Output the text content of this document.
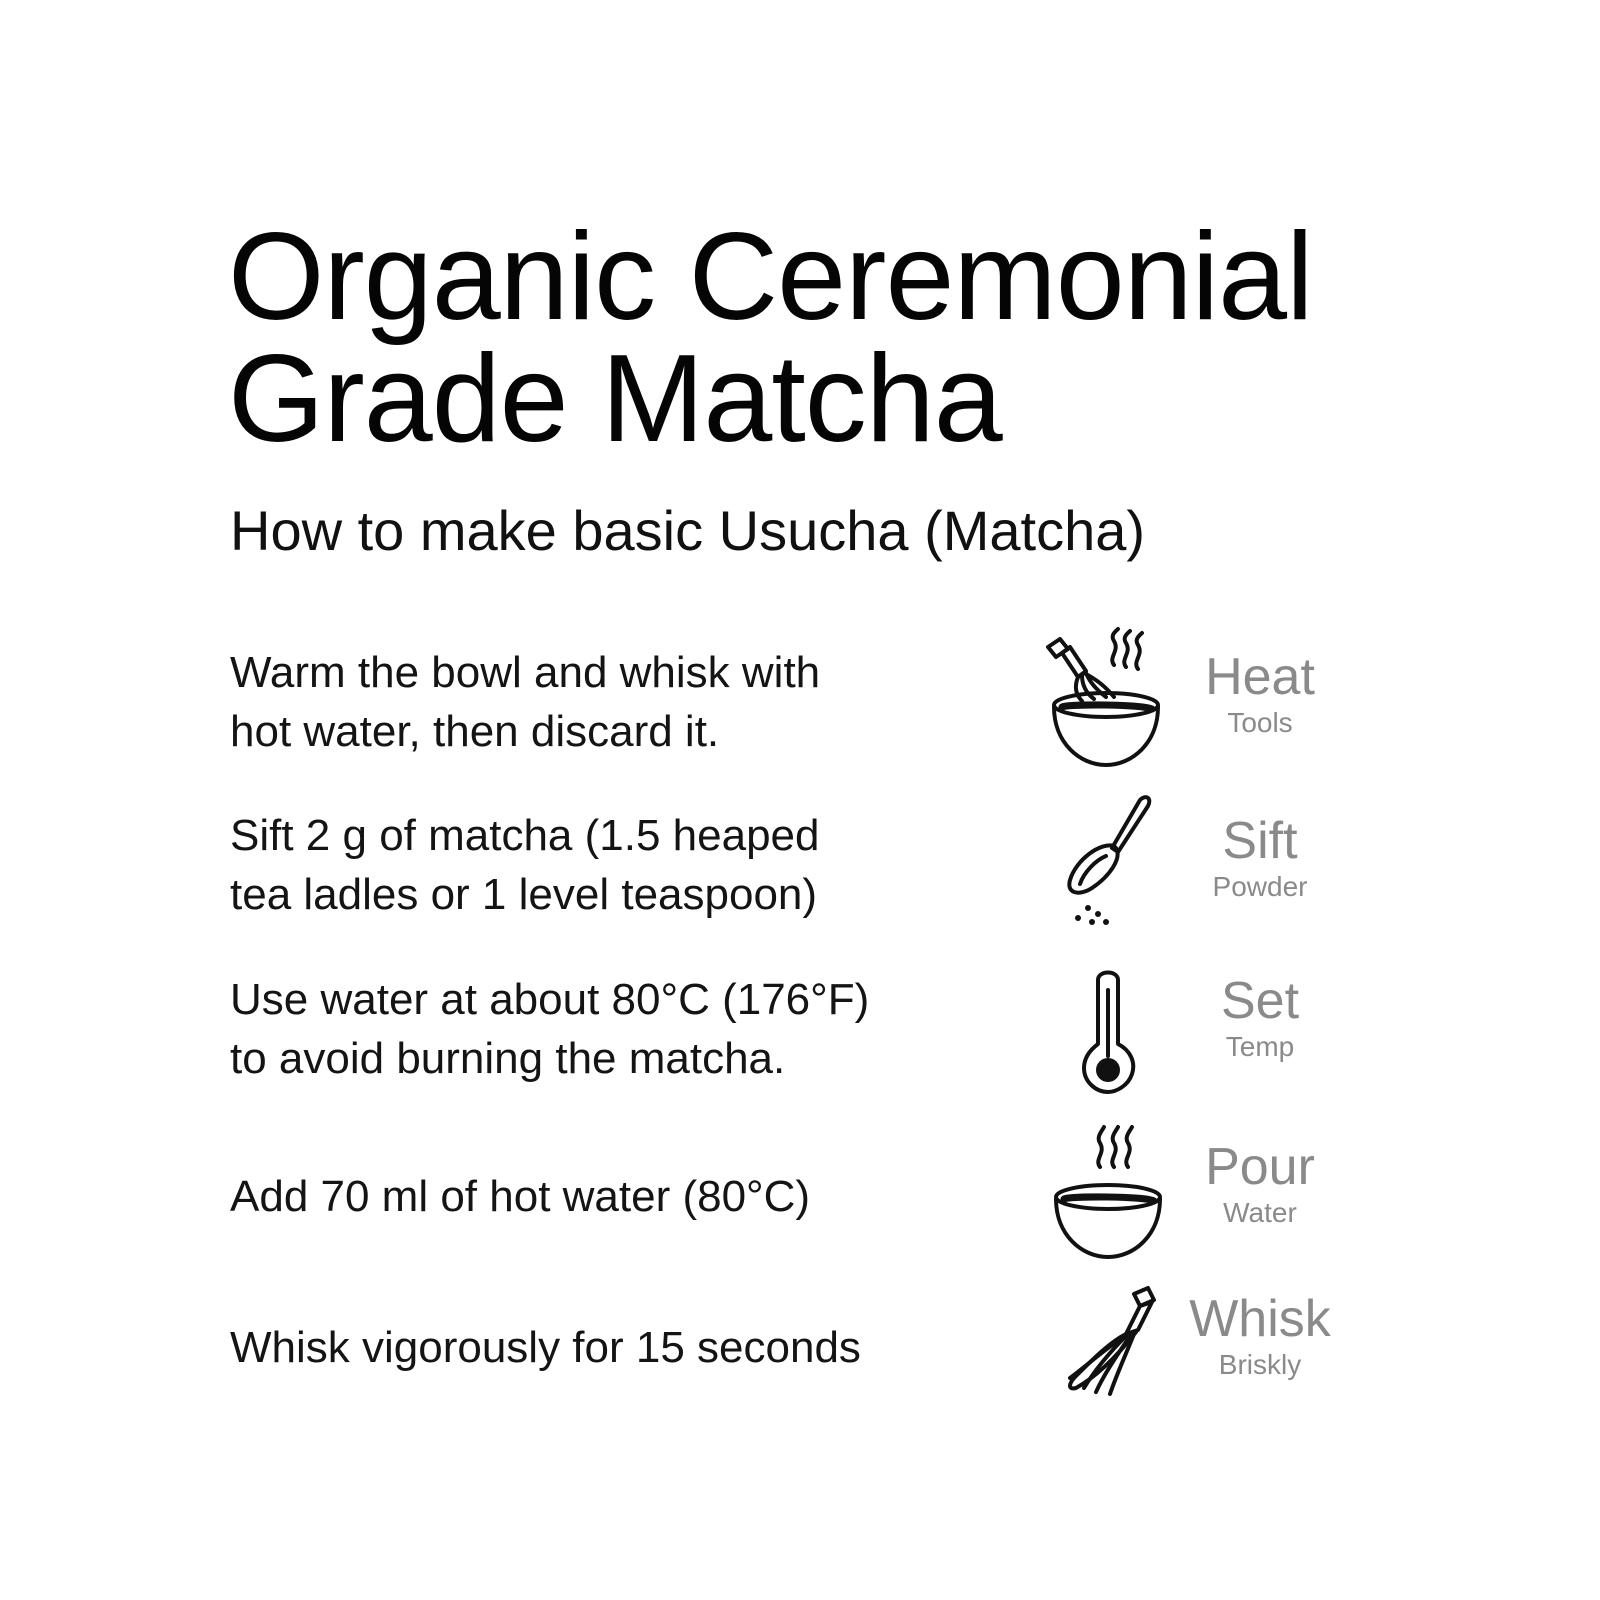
Organic Ceremonial
Grade Matcha
How to make basic Usucha (Matcha)
Warm the bowl and whisk with
hot water, then discard it.
Heat
Tools
Sift 2 g of matcha (1.5 heaped
tea ladles or 1 level teaspoon)
Sift
Powder
Use water at about 80°C (176°F)
to avoid burning the matcha.
Set
Temp
Add 70 ml of hot water (80°C)
Pour
Water
Whisk vigorously for 15 seconds	Whisk
Briskly
